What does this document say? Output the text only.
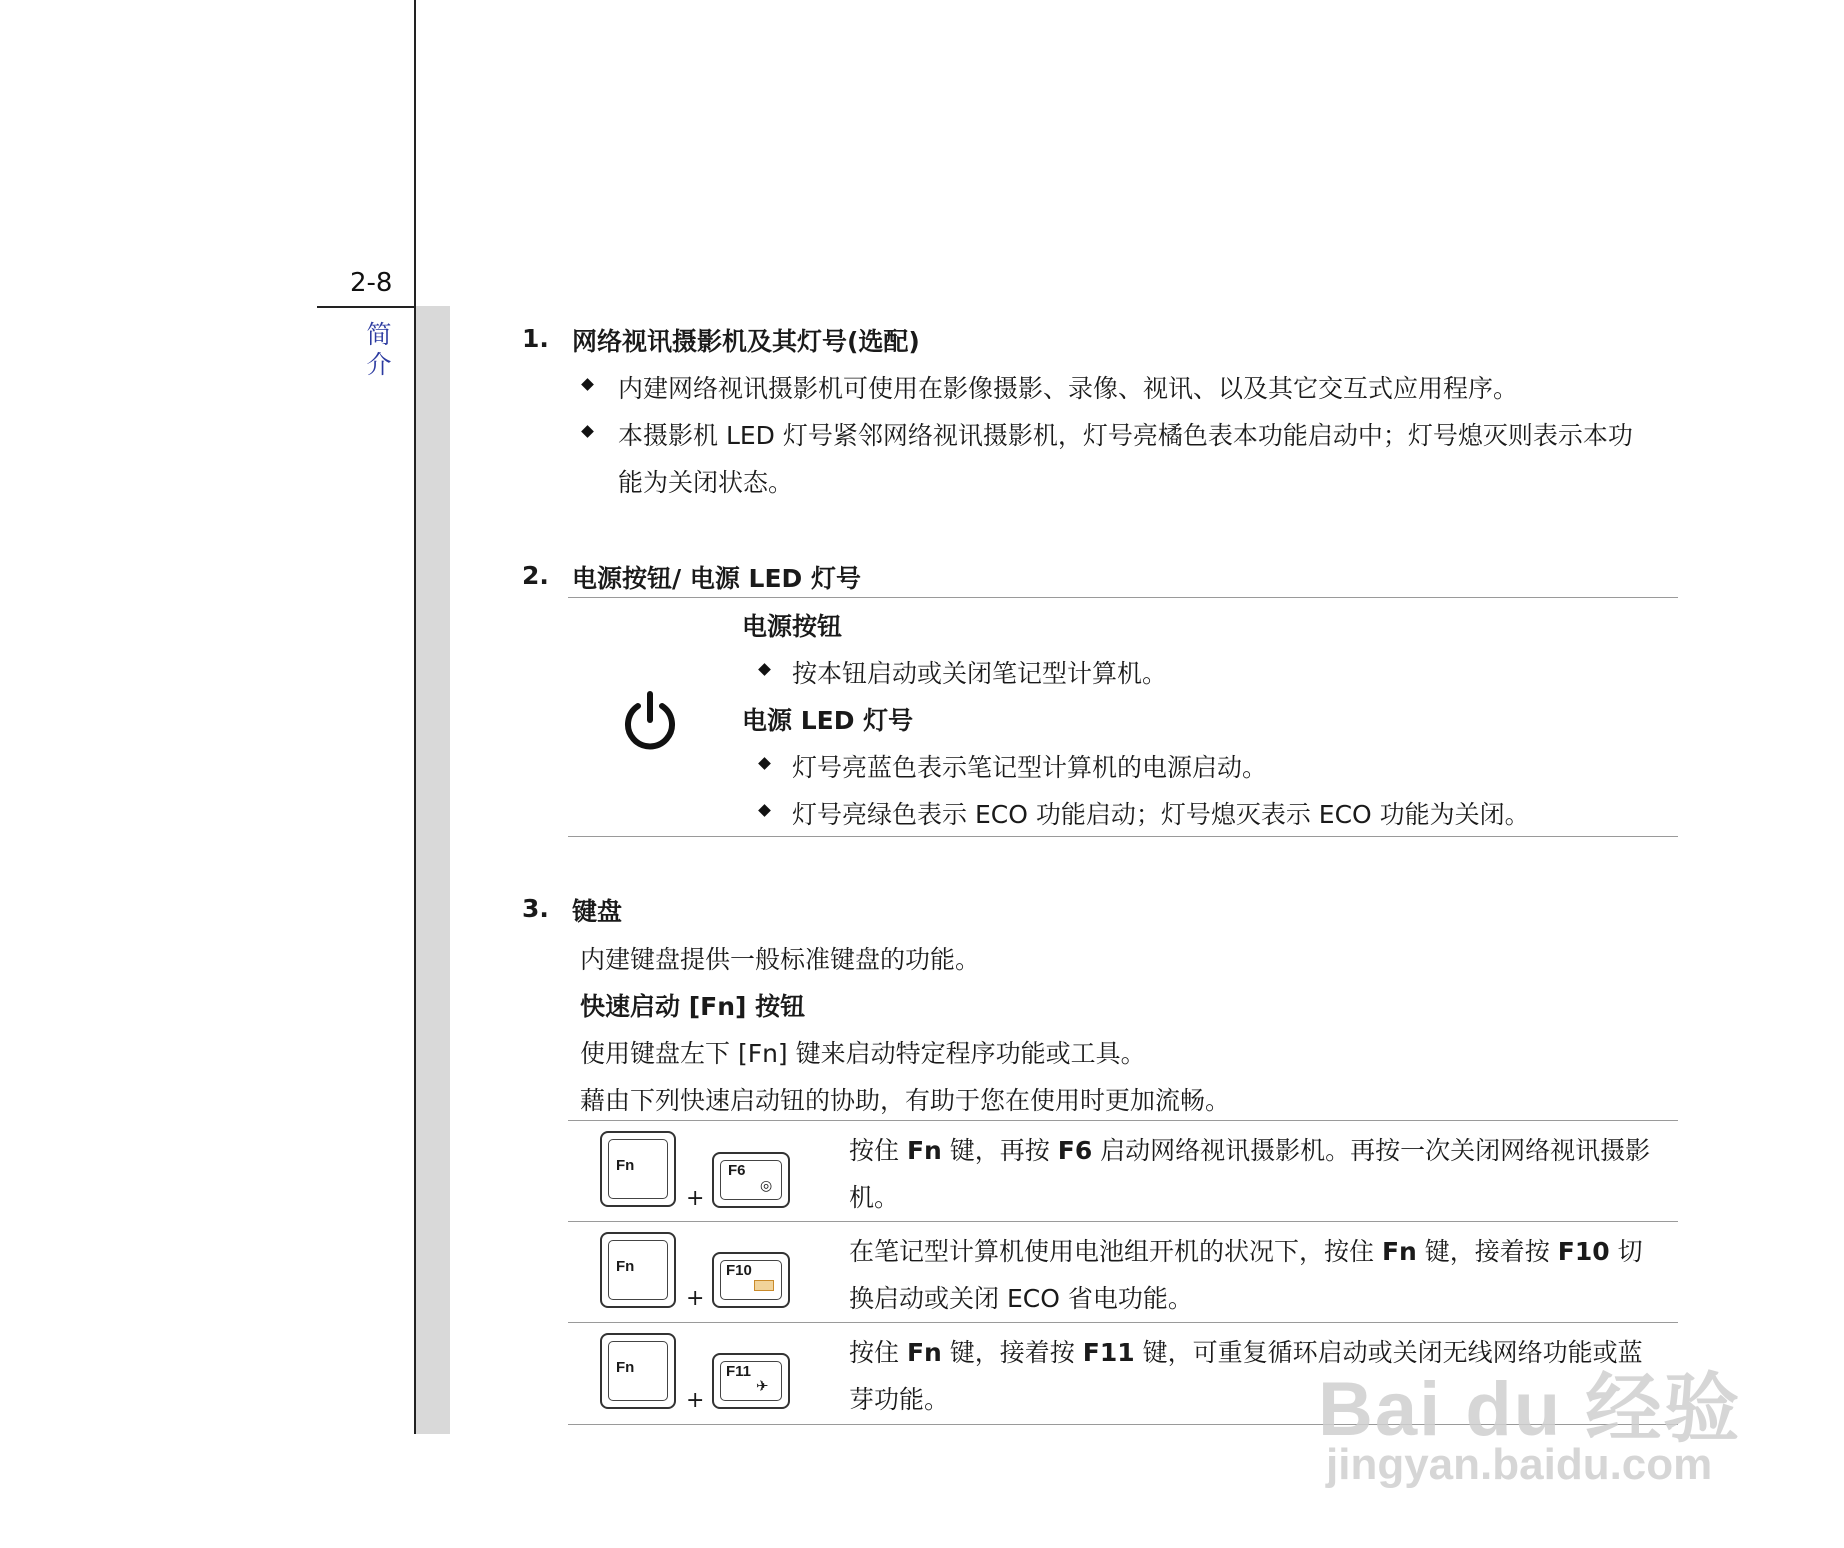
2-8
简介
1. 网络视讯摄影机及其灯号(选配)
内建网络视讯摄影机可使用在影像摄影、录像、视讯、以及其它交互式应用程序。
本摄影机 LED 灯号紧邻网络视讯摄影机，灯号亮橘色表本功能启动中；灯号熄灭则表示本功
能为关闭状态。
2. 电源按钮/ 电源 LED 灯号
电源按钮
按本钮启动或关闭笔记型计算机。
电源 LED 灯号
灯号亮蓝色表示笔记型计算机的电源启动。
灯号亮绿色表示 ECO 功能启动；灯号熄灭表示 ECO 功能为关闭。
3. 键盘
内建键盘提供一般标准键盘的功能。
快速启动 [Fn] 按钮
使用键盘左下 [Fn] 键来启动特定程序功能或工具。
藉由下列快速启动钮的协助，有助于您在使用时更加流畅。
Fn
+
F6
◎
按住 Fn 键，再按 F6 启动网络视讯摄影机。再按一次关闭网络视讯摄影
机。
Fn
+
F10
在笔记型计算机使用电池组开机的状况下，按住 Fn 键，接着按 F10 切
换启动或关闭 ECO 省电功能。
Fn
+
F11
✈
按住 Fn 键，接着按 F11 键，可重复循环启动或关闭无线网络功能或蓝
芽功能。	Bai du 经验
jingyan.baidu.com
